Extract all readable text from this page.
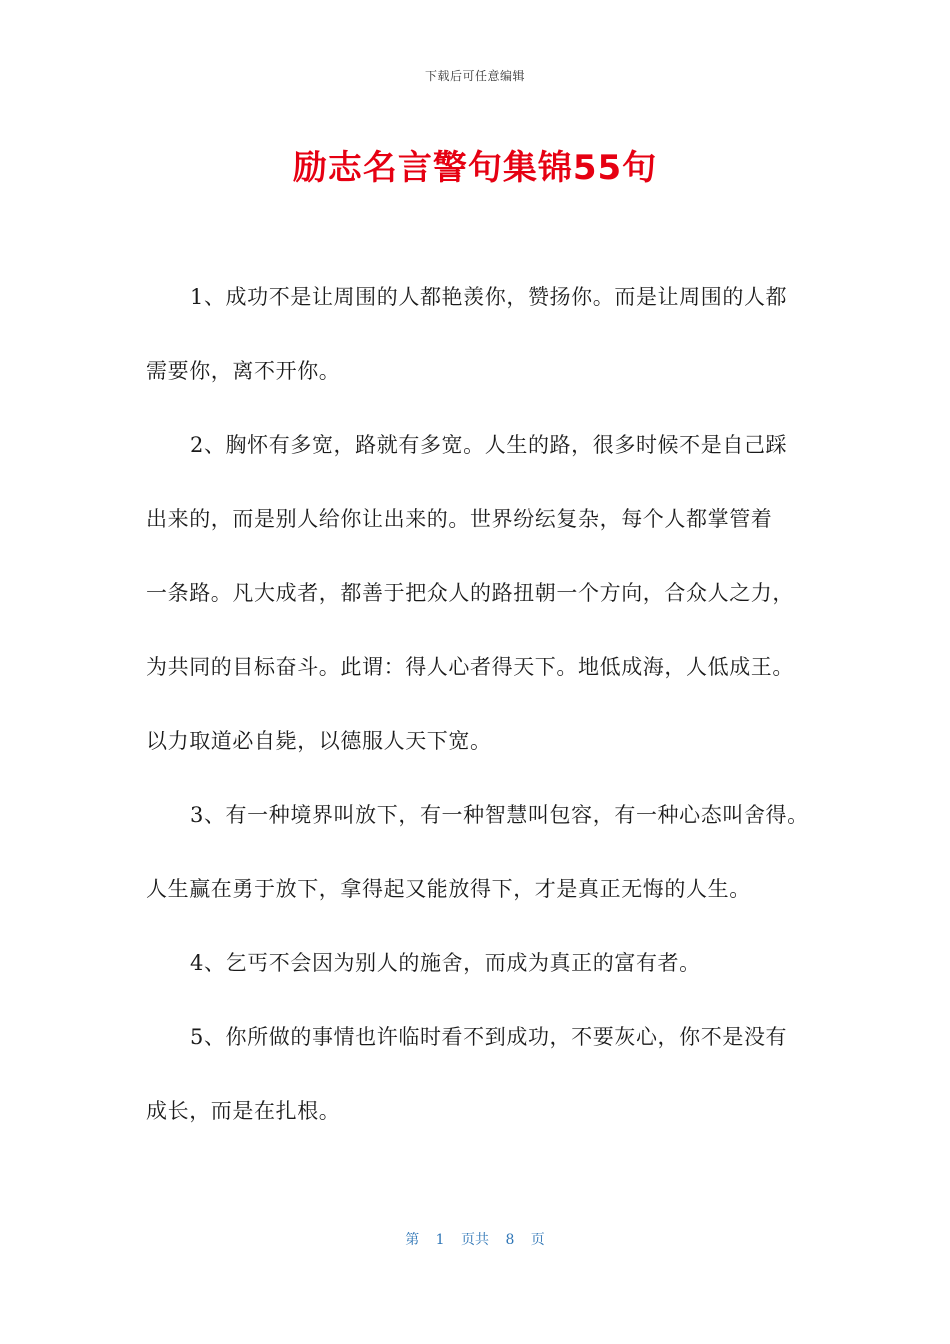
下载后可任意编辑
励志名言警句集锦55句
1、成功不是让周围的人都艳羡你，赞扬你。而是让周围的人都
需要你，离不开你。
2、胸怀有多宽，路就有多宽。人生的路，很多时候不是自己踩
出来的，而是别人给你让出来的。世界纷纭复杂，每个人都掌管着
一条路。凡大成者，都善于把众人的路扭朝一个方向，合众人之力，
为共同的目标奋斗。此谓：得人心者得天下。地低成海，人低成王。
以力取道必自毙，以德服人天下宽。
3、有一种境界叫放下，有一种智慧叫包容，有一种心态叫舍得。
人生赢在勇于放下，拿得起又能放得下，才是真正无悔的人生。
4、乞丐不会因为别人的施舍，而成为真正的富有者。
5、你所做的事情也许临时看不到成功，不要灰心，你不是没有
成长，而是在扎根。
第 1 页共 8 页
